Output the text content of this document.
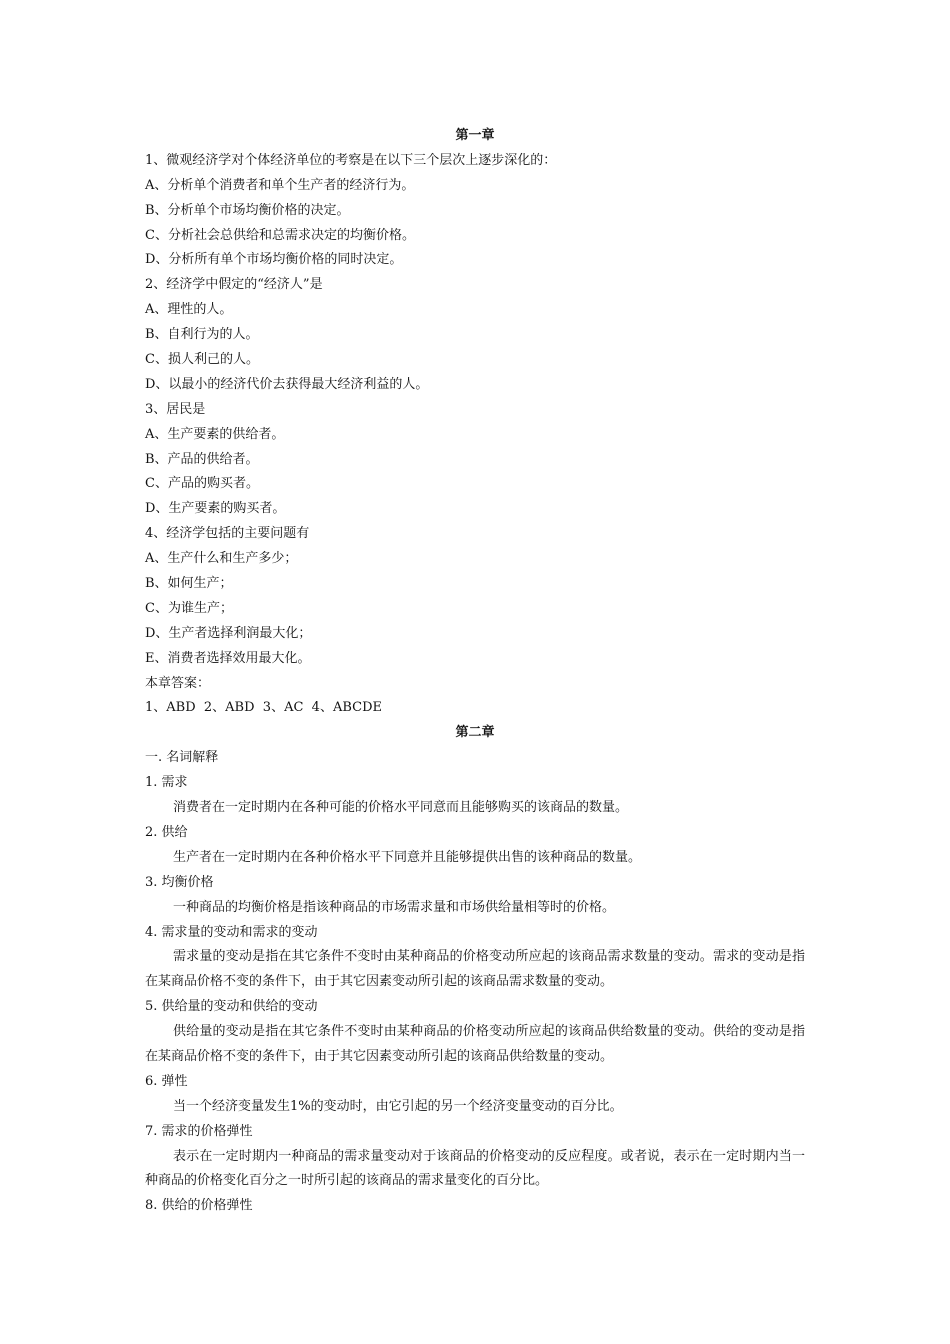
第一章
1、微观经济学对个体经济单位的考察是在以下三个层次上逐步深化的：
A、分析单个消费者和单个生产者的经济行为。
B、分析单个市场均衡价格的决定。
C、分析社会总供给和总需求决定的均衡价格。
D、分析所有单个市场均衡价格的同时决定。
2、经济学中假定的“经济人”是
A、理性的人。
B、自利行为的人。
C、损人利己的人。
D、以最小的经济代价去获得最大经济利益的人。
3、居民是
A、生产要素的供给者。
B、产品的供给者。
C、产品的购买者。
D、生产要素的购买者。
4、经济学包括的主要问题有
A、生产什么和生产多少；
B、如何生产；
C、为谁生产；
D、生产者选择利润最大化；
E、消费者选择效用最大化。
本章答案：
1、ABD  2、ABD  3、AC  4、ABCDE
第二章
一. 名词解释
1. 需求
消费者在一定时期内在各种可能的价格水平同意而且能够购买的该商品的数量。
2. 供给
生产者在一定时期内在各种价格水平下同意并且能够提供出售的该种商品的数量。
3. 均衡价格
一种商品的均衡价格是指该种商品的市场需求量和市场供给量相等时的价格。
4. 需求量的变动和需求的变动
需求量的变动是指在其它条件不变时由某种商品的价格变动所应起的该商品需求数量的变动。需求的变动是指在某商品价格不变的条件下，由于其它因素变动所引起的该商品需求数量的变动。
5. 供给量的变动和供给的变动
供给量的变动是指在其它条件不变时由某种商品的价格变动所应起的该商品供给数量的变动。供给的变动是指在某商品价格不变的条件下，由于其它因素变动所引起的该商品供给数量的变动。
6. 弹性
当一个经济变量发生1%的变动时，由它引起的另一个经济变量变动的百分比。
7. 需求的价格弹性
表示在一定时期内一种商品的需求量变动对于该商品的价格变动的反应程度。或者说，表示在一定时期内当一种商品的价格变化百分之一时所引起的该商品的需求量变化的百分比。
8. 供给的价格弹性
